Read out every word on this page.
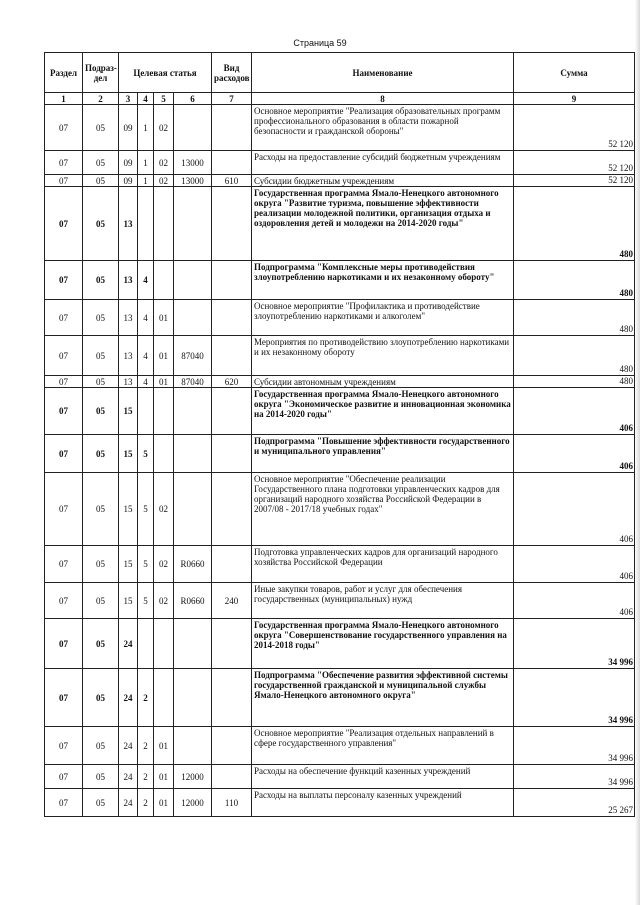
Страница 59
Раздел	Подраз-
дел	Целевая статья				Вид
расходов	Наименование	Сумма
1	2	3	4	5	6	7	8	9
07	05	09	1	02			Основное мероприятие "Реализация образовательных программ профессионального образования в области пожарной безопасности и гражданской обороны"	52 120
07	05	09	1	02	13000		Расходы на предоставление субсидий бюджетным учреждениям	52 120
07	05	09	1	02	13000	610	Субсидии бюджетным учреждениям	52 120
07	05	13					Государственная программа Ямало-Ненецкого автономного округа "Развитие туризма, повышение эффективности реализации молодежной политики, организация отдыха и оздоровления детей и молодежи на 2014-2020 годы"	480
07	05	13	4				Подпрограмма "Комплексные меры противодействия злоупотреблению наркотиками и их незаконному обороту"	480
07	05	13	4	01			Основное мероприятие "Профилактика и противодействие злоупотреблению наркотиками и алкоголем"	480
07	05	13	4	01	87040		Мероприятия по противодействию злоупотреблению наркотиками и их незаконному обороту	480
07	05	13	4	01	87040	620	Субсидии автономным учреждениям	480
07	05	15					Государственная программа Ямало-Ненецкого автономного округа "Экономическое развитие и инновационная экономика на 2014-2020 годы"	406
07	05	15	5				Подпрограмма "Повышение эффективности государственного и муниципального управления"	406
07	05	15	5	02			Основное мероприятие "Обеспечение реализации Государственного плана подготовки управленческих кадров для организаций народного хозяйства Российской Федерации в 2007/08 - 2017/18 учебных годах"	406
07	05	15	5	02	R0660		Подготовка управленческих кадров для организаций народного хозяйства Российской Федерации	406
07	05	15	5	02	R0660	240	Иные закупки товаров, работ и услуг для обеспечения государственных (муниципальных) нужд	406
07	05	24					Государственная программа Ямало-Ненецкого автономного округа "Совершенствование государственного управления на 2014-2018 годы"	34 996
07	05	24	2				Подпрограмма "Обеспечение развития эффективной системы государственной гражданской и муниципальной службы Ямало-Ненецкого автономного округа"	34 996
07	05	24	2	01			Основное мероприятие "Реализация отдельных направлений в сфере государственного управления"	34 996
07	05	24	2	01	12000		Расходы на обеспечение функций казенных учреждений	34 996
07	05	24	2	01	12000	110	Расходы на выплаты персоналу казенных учреждений	25 267
